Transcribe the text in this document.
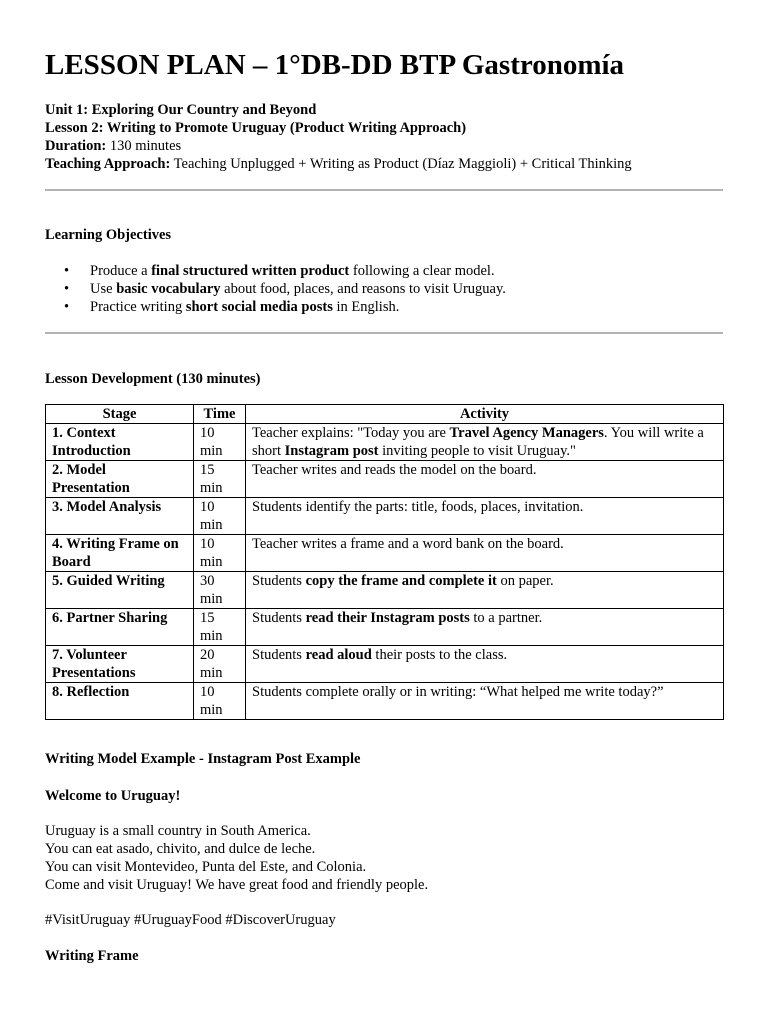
LESSON PLAN – 1°DB-DD BTP Gastronomía
Unit 1: Exploring Our Country and Beyond
Lesson 2: Writing to Promote Uruguay (Product Writing Approach)
Duration: 130 minutes
Teaching Approach: Teaching Unplugged + Writing as Product (Díaz Maggioli) + Critical Thinking
Learning Objectives
• Produce a final structured written product following a clear model.
• Use basic vocabulary about food, places, and reasons to visit Uruguay.
• Practice writing short social media posts in English.
Lesson Development (130 minutes)
Stage	Time	Activity
1. Context Introduction	10 min	Teacher explains: "Today you are Travel Agency Managers. You will write a short Instagram post inviting people to visit Uruguay."
2. Model Presentation	15 min	Teacher writes and reads the model on the board.
3. Model Analysis	10 min	Students identify the parts: title, foods, places, invitation.
4. Writing Frame on Board	10 min	Teacher writes a frame and a word bank on the board.
5. Guided Writing	30 min	Students copy the frame and complete it on paper.
6. Partner Sharing	15 min	Students read their Instagram posts to a partner.
7. Volunteer Presentations	20 min	Students read aloud their posts to the class.
8. Reflection	10 min	Students complete orally or in writing: “What helped me write today?”
Writing Model Example - Instagram Post Example
Welcome to Uruguay!
Uruguay is a small country in South America.
You can eat asado, chivito, and dulce de leche.
You can visit Montevideo, Punta del Este, and Colonia.
Come and visit Uruguay! We have great food and friendly people.
#VisitUruguay #UruguayFood #DiscoverUruguay
Writing Frame
